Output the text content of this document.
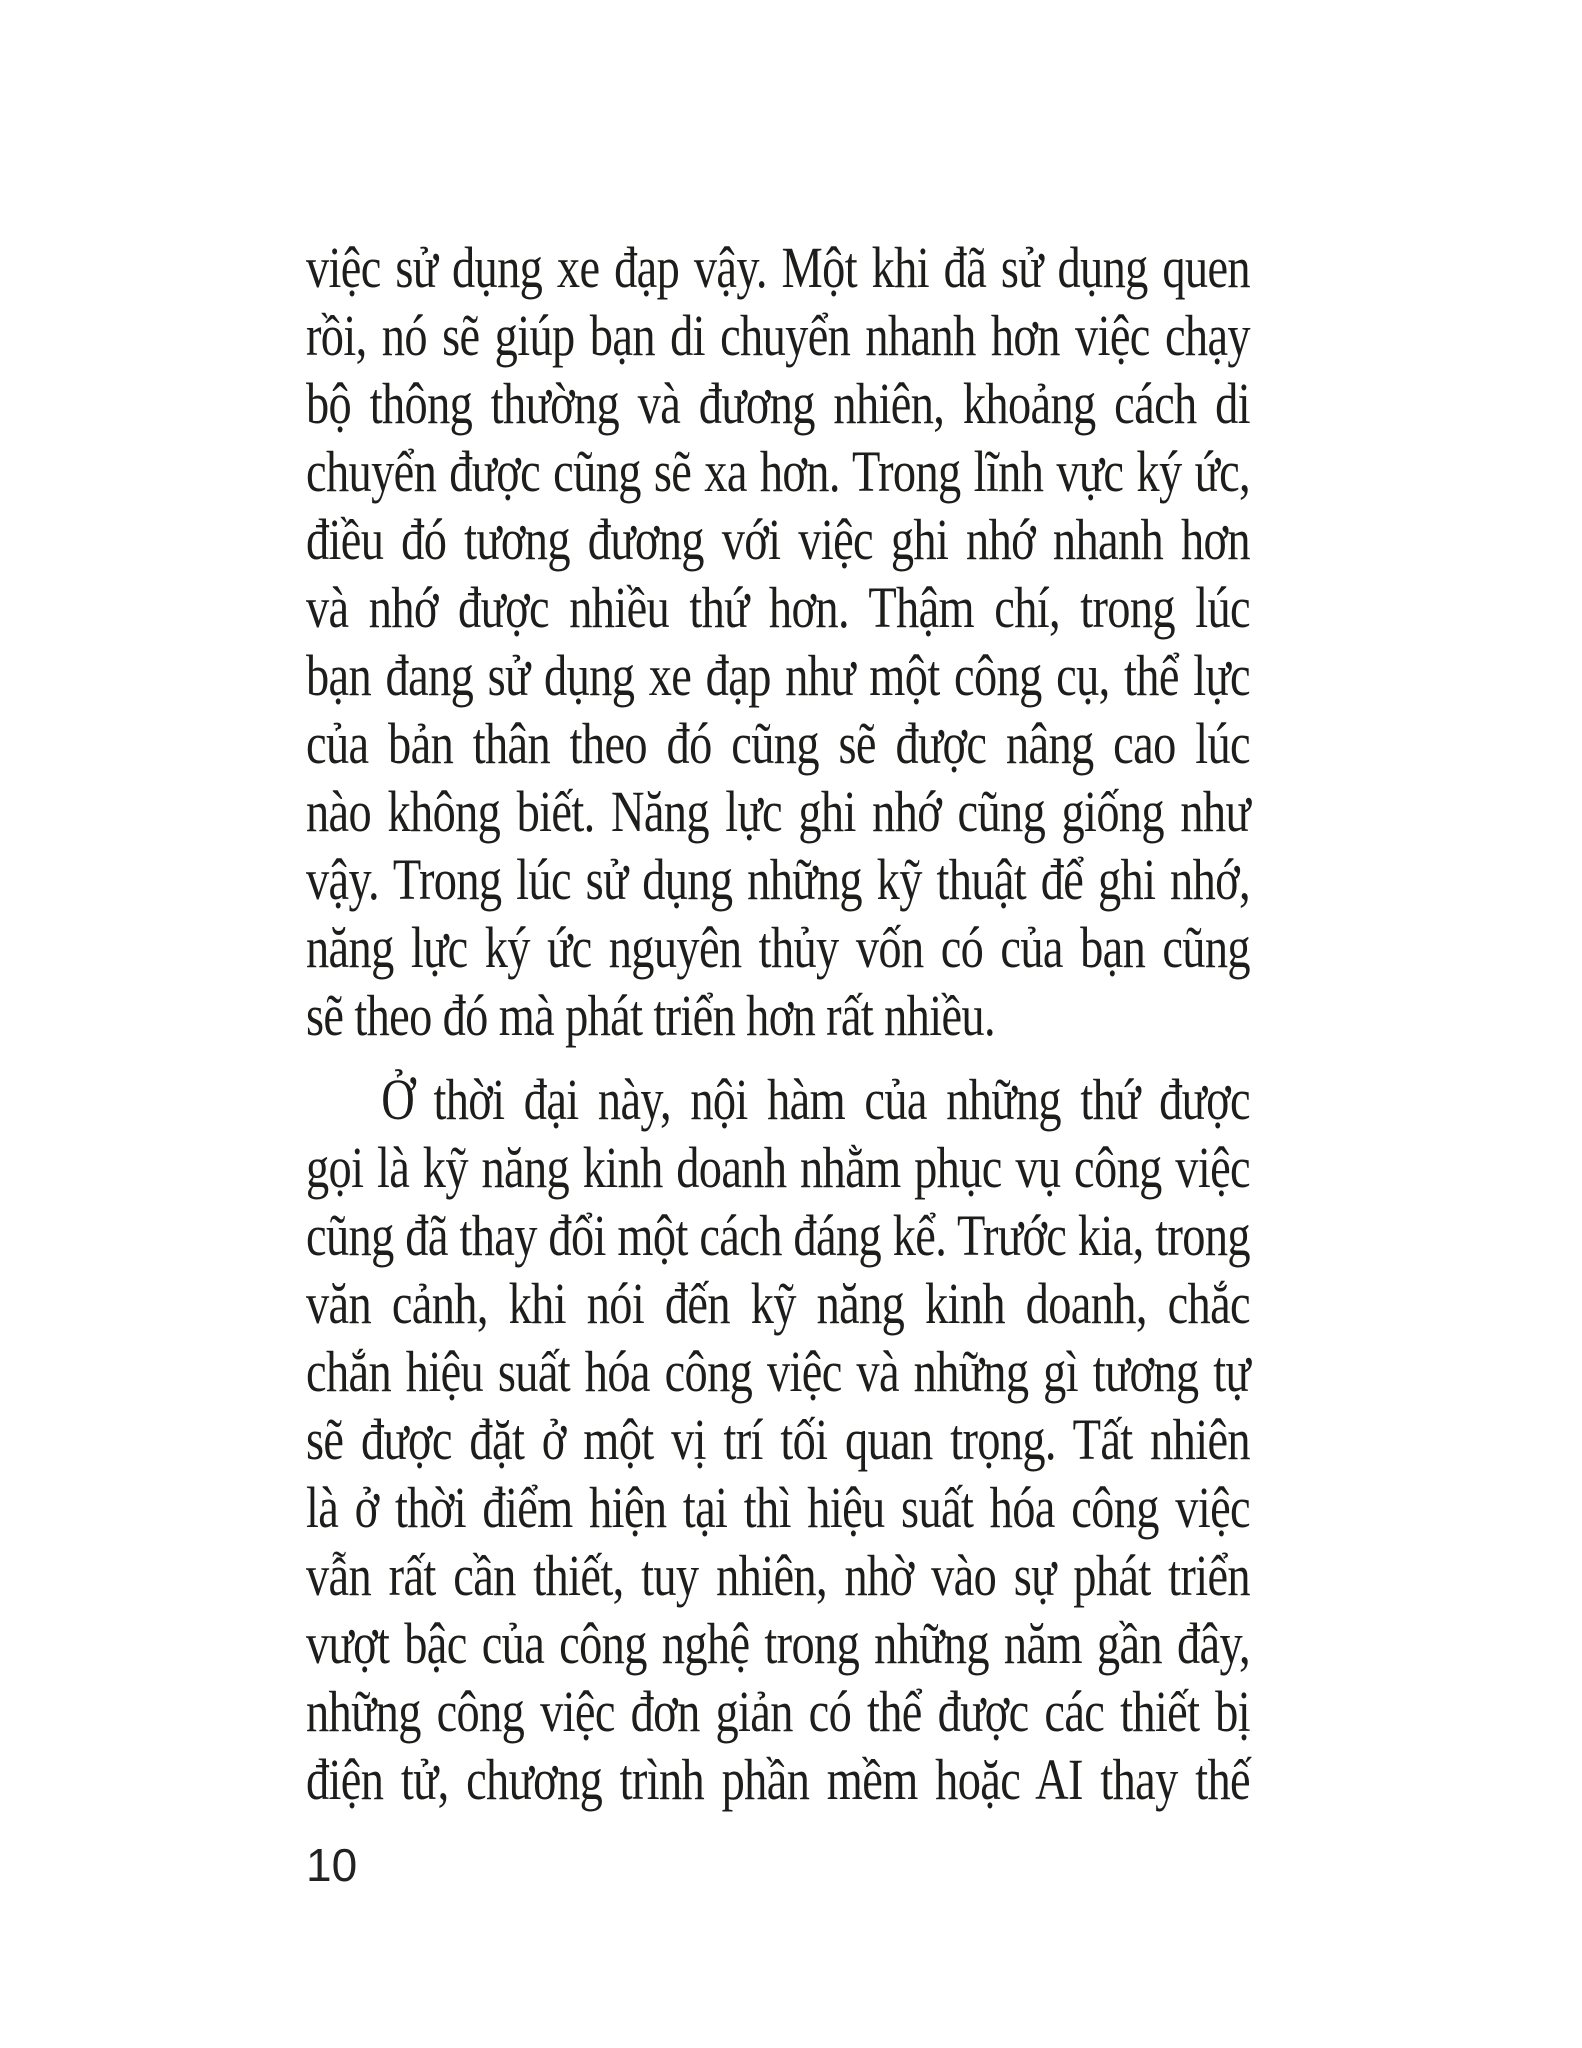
việc sử dụng xe đạp vậy. Một khi đã sử dụng quen
rồi, nó sẽ giúp bạn di chuyển nhanh hơn việc chạy
bộ thông thường và đương nhiên, khoảng cách di
chuyển được cũng sẽ xa hơn. Trong lĩnh vực ký ức,
điều đó tương đương với việc ghi nhớ nhanh hơn
và nhớ được nhiều thứ hơn. Thậm chí, trong lúc
bạn đang sử dụng xe đạp như một công cụ, thể lực
của bản thân theo đó cũng sẽ được nâng cao lúc
nào không biết. Năng lực ghi nhớ cũng giống như
vậy. Trong lúc sử dụng những kỹ thuật để ghi nhớ,
năng lực ký ức nguyên thủy vốn có của bạn cũng
sẽ theo đó mà phát triển hơn rất nhiều.
Ở thời đại này, nội hàm của những thứ được
gọi là kỹ năng kinh doanh nhằm phục vụ công việc
cũng đã thay đổi một cách đáng kể. Trước kia, trong
văn cảnh, khi nói đến kỹ năng kinh doanh, chắc
chắn hiệu suất hóa công việc và những gì tương tự
sẽ được đặt ở một vị trí tối quan trọng. Tất nhiên
là ở thời điểm hiện tại thì hiệu suất hóa công việc
vẫn rất cần thiết, tuy nhiên, nhờ vào sự phát triển
vượt bậc của công nghệ trong những năm gần đây,
những công việc đơn giản có thể được các thiết bị
điện tử, chương trình phần mềm hoặc AI thay thế
10
